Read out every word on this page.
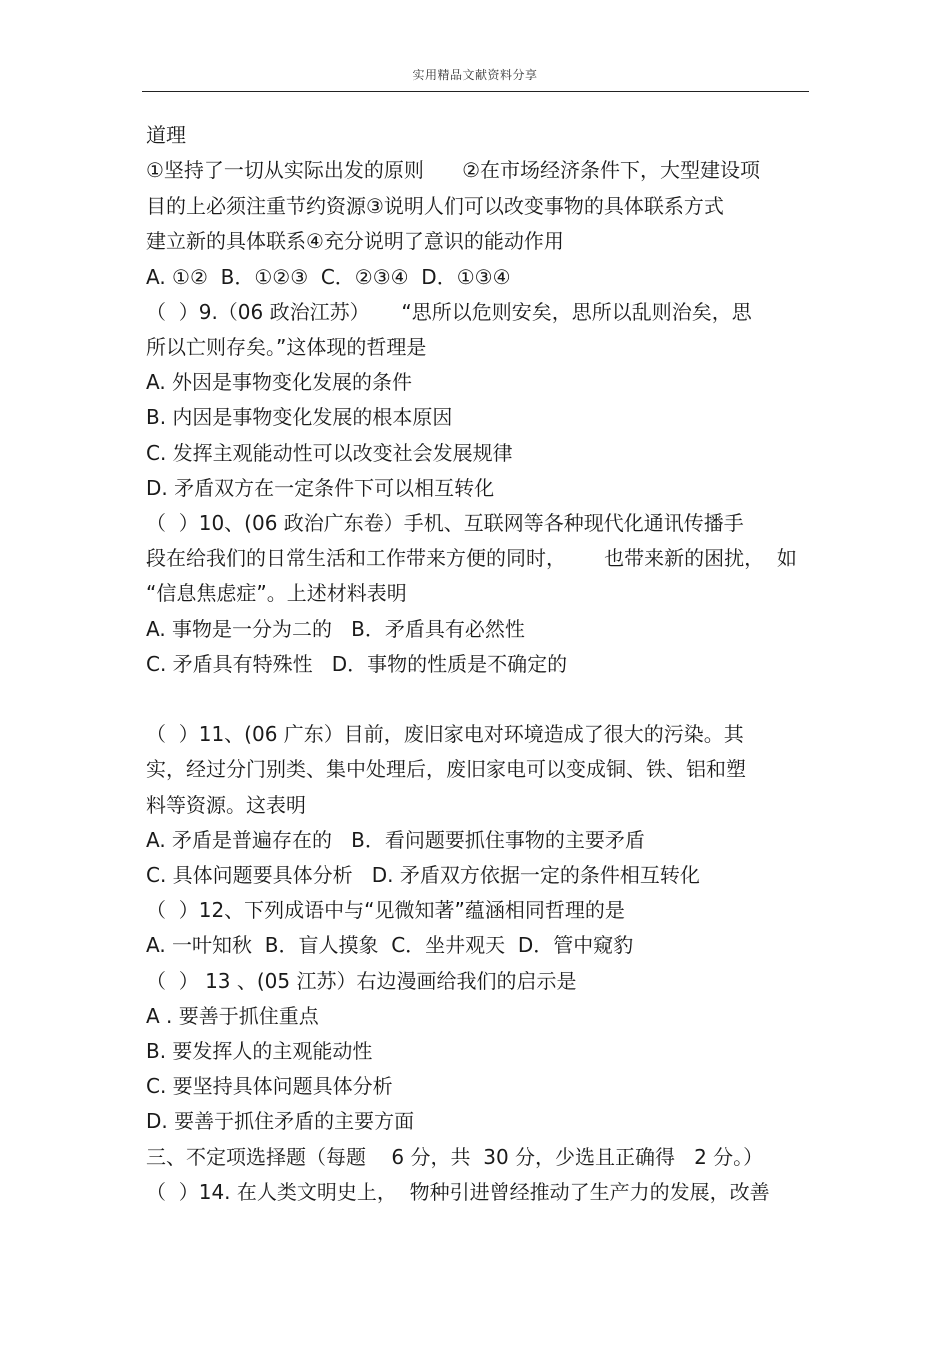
实用精品文献资料分享
道理
①坚持了一切从实际出发的原则      ②在市场经济条件下，大型建设项
目的上必须注重节约资源③说明人们可以改变事物的具体联系方式
建立新的具体联系④充分说明了意识的能动作用
A. ①②  B．①②③  C．②③④  D．①③④
（  ）9.（06 政治江苏）     “思所以危则安矣，思所以乱则治矣，思
所以亡则存矣。”这体现的哲理是
A. 外因是事物变化发展的条件
B. 内因是事物变化发展的根本原因
C. 发挥主观能动性可以改变社会发展规律
D. 矛盾双方在一定条件下可以相互转化
（  ）10、(06 政治广东卷）手机、互联网等各种现代化通讯传播手
段在给我们的日常生活和工作带来方便的同时，      也带来新的困扰，  如
“信息焦虑症”。上述材料表明
A. 事物是一分为二的   B．矛盾具有必然性
C. 矛盾具有特殊性   D．事物的性质是不确定的
（  ）11、(06 广东）目前，废旧家电对环境造成了很大的污染。其
实，经过分门别类、集中处理后，废旧家电可以变成铜、铁、铝和塑
料等资源。这表明
A. 矛盾是普遍存在的   B．看问题要抓住事物的主要矛盾
C. 具体问题要具体分析   D. 矛盾双方依据一定的条件相互转化
（  ）12、下列成语中与“见微知著”蕴涵相同哲理的是
A. 一叶知秋  B．盲人摸象  C．坐井观天  D．管中窥豹
（  ） 13 、(05 江苏）右边漫画给我们的启示是
A . 要善于抓住重点
B. 要发挥人的主观能动性
C. 要坚持具体问题具体分析
D. 要善于抓住矛盾的主要方面
三、不定项选择题（每题    6 分，共  30 分，少选且正确得   2 分。）
（  ）14. 在人类文明史上，  物种引进曾经推动了生产力的发展，改善
